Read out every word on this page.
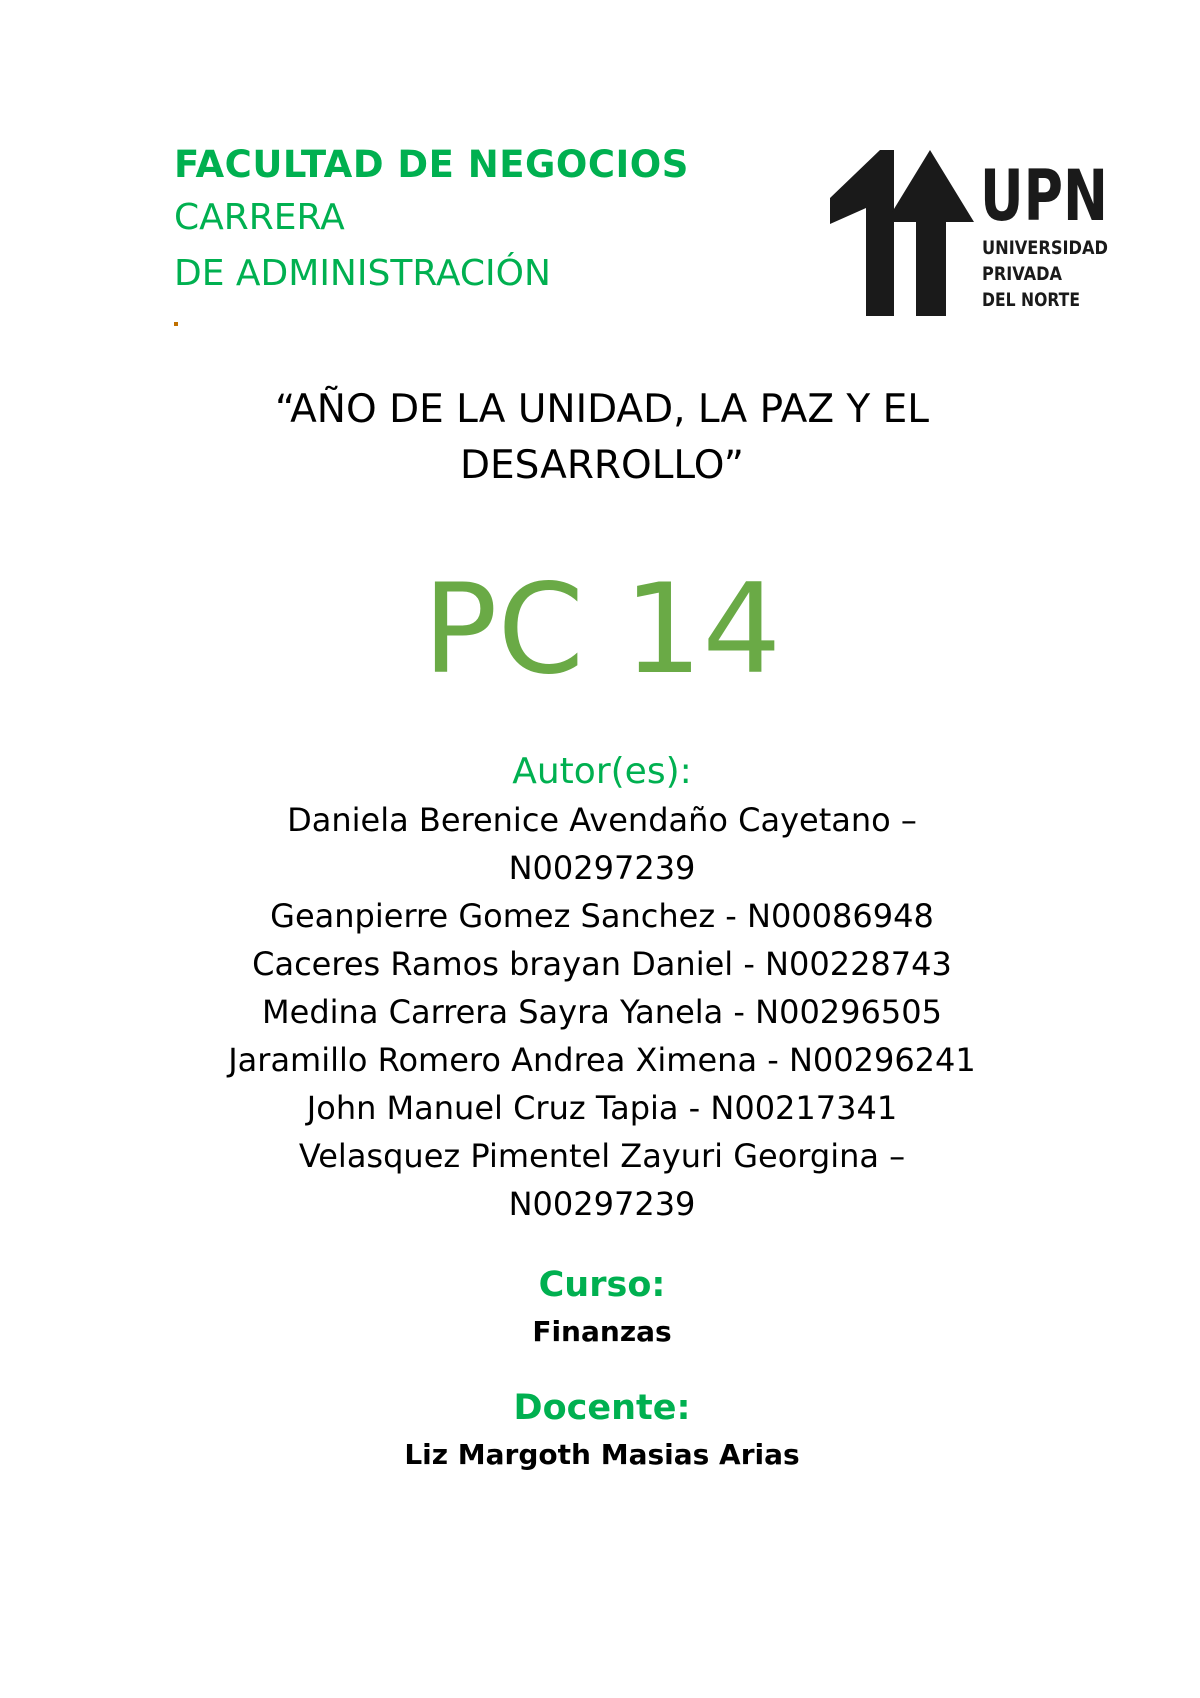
FACULTAD DE NEGOCIOS
CARRERA
DE ADMINISTRACIÓN
UPN
UNIVERSIDAD
PRIVADA
DEL NORTE
“AÑO DE LA UNIDAD, LA PAZ Y EL
DESARROLLO”
PC 14
Autor(es):
Daniela Berenice Avendaño Cayetano –
N00297239
Geanpierre Gomez Sanchez - N00086948
Caceres Ramos brayan Daniel - N00228743
Medina Carrera Sayra Yanela - N00296505
Jaramillo Romero Andrea Ximena - N00296241
John Manuel Cruz Tapia - N00217341
Velasquez Pimentel Zayuri Georgina –
N00297239
Curso:
Finanzas
Docente:
Liz Margoth Masias Arias
